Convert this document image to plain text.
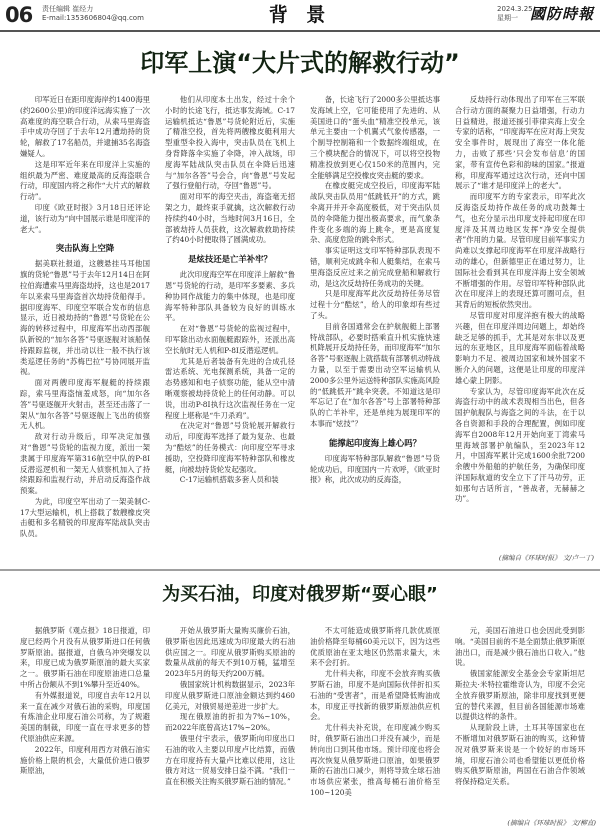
06 责任编辑 崔经力
E-mail:1353606804@qq.com	背 景	2024.3.25
星期一 國防時報
印军上演“大片式的解救行动”

印军近日在距印度海岸约1400海里(约2600公里)的印度洋远海实施了一次高难度的海空联合行动，从索马里海盗手中成功夺回了于去年12月遭劫持的货轮，解救了17名船员，并逮捕35名海盗嫌疑人。

这是印军近年来在印度洋上实施的组织最为严密、难度最高的反海盗联合行动，印度国内将之称作“大片式的解救行动”。

印度《欧亚时报》3月18日还评论道，该行动为“向中国展示谁是印度洋的老大”。

突击队海上空降

据美联社报道，这艘悬挂马耳他国旗的货轮“鲁恩”号于去年12月14日在阿拉伯海遭索马里海盗劫持，这也是2017年以来索马里海盗首次劫持货船得手。据印度海军、印度空军联合发布的信息显示，近日被劫持的“鲁恩”号货轮在公海的转移过程中，印度海军出动西部舰队新锐的“加尔各答”号驱逐舰对该船保持跟踪监视，并出动以往一般不执行该类巡逻任务的“苏梅巴拉”号协同展开监视。

面对两艘印度海军舰艇的持续跟踪，索马里海盗恼羞成怒，向“加尔各答”号驱逐舰开火射击，甚至还击落了一架从“加尔各答”号驱逐舰上飞出的侦察无人机。

敌对行动升级后，印军决定加强对“鲁恩”号货轮的监视力度，派出一架隶属于印度海军第316航空中队的P-8I反潜巡逻机和一架无人侦察机加入了持续跟踪和监视行动，并启动反海盗作战预案。

为此，印度空军出动了一架美制C-17大型运输机，机上搭载了数艘橡皮突击艇和多名精锐的印度海军陆战队突击队员。

他们从印度本土出发，经过十余个小时的长途飞行，抵达事发海域。C-17运输机抵达“鲁恩”号货轮附近后，实施了精准空投，首先将两艘橡皮艇利用大型重型伞投入海中，突击队员在飞机上身背降落伞实施了伞降，冲入战场，印度海军陆战队突击队员在伞降后迅速与“加尔各答”号会合，向“鲁恩”号发起了强行登船行动，夺回“鲁恩”号。

面对印军的海空夹击，海盗毫无招架之力，最终束手就擒，这次解救行动持续约40小时，当地时间3月16日，全部被劫持人员获救，这次解救救助持续了约40小时便取得了圆满成功。

是炫技还是亡羊补牢？

此次印度海空军在印度洋上解救“鲁恩”号货轮的行动，是印军多要素、多兵种协同作战能力的集中体现，也是印度海军特种部队具备较为良好的训练水平。

在对“鲁恩”号货轮的监视过程中，印军除出动水面舰艇跟踪外，还派出高空长航时无人机和P-8I反潜巡逻机。

尤其是后者装备有先进的合成孔径雷达系统、光电探测系统，具备一定的态势感知和电子侦察功能，能从空中清晰观察被劫持货轮上的任何动静。可以说，出动P-8I执行这次监视任务在一定程度上堪称是“牛刀杀鸡”。

在决定对“鲁恩”号货轮展开解救行动后，印度海军选择了最为复杂、也最为“酷炫”的任务模式：向印度空军寻求援助，空投降印度海军特种部队和橡皮艇，向被劫持货轮发起强攻。

C-17运输机搭载多套人员和装

备，长途飞行了2000多公里抵达事发海域上空，它可能使用了先进的、从美国进口的“蛋头血”精准空投单元，该单元主要由一个机翼式气象传感器，一个制导控制箱和一个数据终端组成，在三个模块配合的情况下，可以将空投物精准投放到更心仅150米的范围内，完全能够满足空投橡皮突击艇的要求。

在橡皮艇完成空投后，印度海军陆战队突击队员用“低跳低开”的方式，跳伞离开并开伞高度极低，对于突击队员员的伞降能力提出极高要求，而气象条件变化多端的海上跳伞，更是高度复杂、高度危险的跳伞形式。

事实证明这支印军特种部队表现不错，顺利完成跳伞和人艇集结，在索马里海盗反应过来之前完成登船和解救行动，是这次反劫持任务成功的关键。

只是印度海军此次反劫持任务尽管过程十分“酷炫”，给人的印象却有些过了头。

目前各国通常会在护航舰艇上部署特战部队，必要时搭乘直升机实施快速机降展开反劫持任务，而印度海军“加尔各答”号驱逐舰上就搭载有部署机动特战力量，以至于需要出动空军运输机从2000多公里外运送特种部队实施高风险的“低跳低开”跳伞突袭。不知道这是印军忘记了在“加尔各答”号上部署特种部队的亡羊补牢，还是单纯为展现印军的本事而“炫技”？

能撑起印度海上雄心吗？

印度海军特种部队解救“鲁恩”号货轮成功后，印度国内一片欢呼，《欧亚时报》称，此次成功的反海盗，

反劫持行动体现出了印军在三军联合行动方面的凝聚力日益增强，行动力日益精进，报道还援引菲律宾海上安全专家的话称，“印度海军在应对海上突发安全事件时，展现出了海空一体化能力，击败了那些‘只会发布信息’的国家，带有宣传色彩和韵味的国家。”报道称，印度海军通过这次行动，还向中国展示了“谁才是印度洋上的老大”。

而印度军方的专家表示，印军此次反海盗反劫持作战任务的成功鼓舞士气，也充分显示出印度支持起印度在印度洋及其周边地区发挥“净安全提供者”作用的力量。尽管印度目前军事实力尚难以支撑起印度海军在印度洋战略行动的雄心，但新德里正在通过努力，让国际社会看到其在印度洋海上安全领域不断增强的作用。尽管印军特种部队此次在印度洋上的表现还算可圈可点，但其背后的短板依然突出。

尽管印度对印度洋抱有极大的战略兴趣，但在印度洋周边问题上，却始终缺乏足够的抓手，尤其是对东非以及更远的东亚地区，且印度海军面临着战略影响力不足、被周边国家和域外国家不断介入的问题，这便是让印度的印度洋雄心蒙上阴影。

专家认为，尽管印度海军此次在反海盗行动中的战术表现相当出色，但各国护航舰队与海盗之间的斗法，在于以各自资源和手段的合理配置，例如印度海军自2008年12月开始向亚丁湾索马里海域部署护航编队，至2023年12月，中国海军累计完成1600余批7200余艘中外船舶的护航任务，为确保印度洋国际航道的安全立下了汗马功劳，正如那句古话所言，“善战者，无赫赫之功”。

(摘编自《环球时报》 文/卢一丁)
为买石油，印度对俄罗斯“耍心眼”

据俄罗斯《观点报》18日报道，印度已经两个月没有从俄罗斯进口任何俄罗斯原油。据报道，自俄乌冲突爆发以来，印度已成为俄罗斯原油的最大买家之一。俄罗斯石油在印度原油进口总量中所占份额从不到1%攀升至近40%。

有外媒报道说，印度自去年12月以来一直在减少对俄石油的采购，印度国有炼油企业印度石油公司称，为了规避美国的制裁，印度一直在寻求更多的替代原油供应来源。

2022年，印度利用西方对俄石油实施价格上限的机会，大量低价进口俄罗斯原油，

开始从俄罗斯大量购买廉价石油，俄罗斯也因此迅速成为印度最大的石油供应国之一。印度从俄罗斯购买原油的数量从战前的每天不到10万桶，猛增至2023年5月的每天约200万桶。

俄国家统计机构数据显示，2023年印度从俄罗斯进口原油金额达到约460亿美元，对俄贸易逆差进一步扩大。

现在俄原油的折扣为7%~10%，而2022年底曾高达17%~20%。

俄里付宇表示，俄罗斯向印度出口石油的收入主要以印度卢比结算，而俄方在印度持有大量卢比难以使用，这让俄方对这一贸易安排日益不满。“我们一直在积极关注购买俄罗斯石油的情况。”

不太可能造成俄罗斯将几款优质原油价格降至每桶60美元以下，因为这些优质原油在亚太地区仍然需求量大，未来不会打折。

尤什科夫称，印度不会放弃购买俄罗斯石油，印度不是向国际伙伴折扣买石油的“受害者”，而是希望降低购油成本，印度正寻找新的俄罗斯原油供应机会。

尤什科夫补充说，在印度减少购买时，俄罗斯石油出口并没有减少，而是转向出口到其他市场。预计印度也将会再次恢复从俄罗斯进口原油，如果俄罗斯的石油出口减少，则将导致全球石油市场供应紧张，推高每桶石油价格至100~120美

元，美国石油进口也会因此受到影响。“美国目前的不是全面禁止俄罗斯原油出口，而是减少俄石油出口收入。”他说。

俄国家能源安全基金会专家斯坦尼斯拉夫·米特拉霍维奇认为，印度不会完全放弃俄罗斯原油，除非印度找到更便宜的替代来源，但目前各国能源市场难以提供这样的条件。

从现阶段上讲，土耳其等国家也在不断增加对俄罗斯石油的购买，这种情况对俄罗斯来说是一个较好的市场环境，印度石油公司也希望能以更低价格购买俄罗斯原油，两国在石油合作领域将保持稳定关系。

(摘编自《环球时报》 文/柳直)
